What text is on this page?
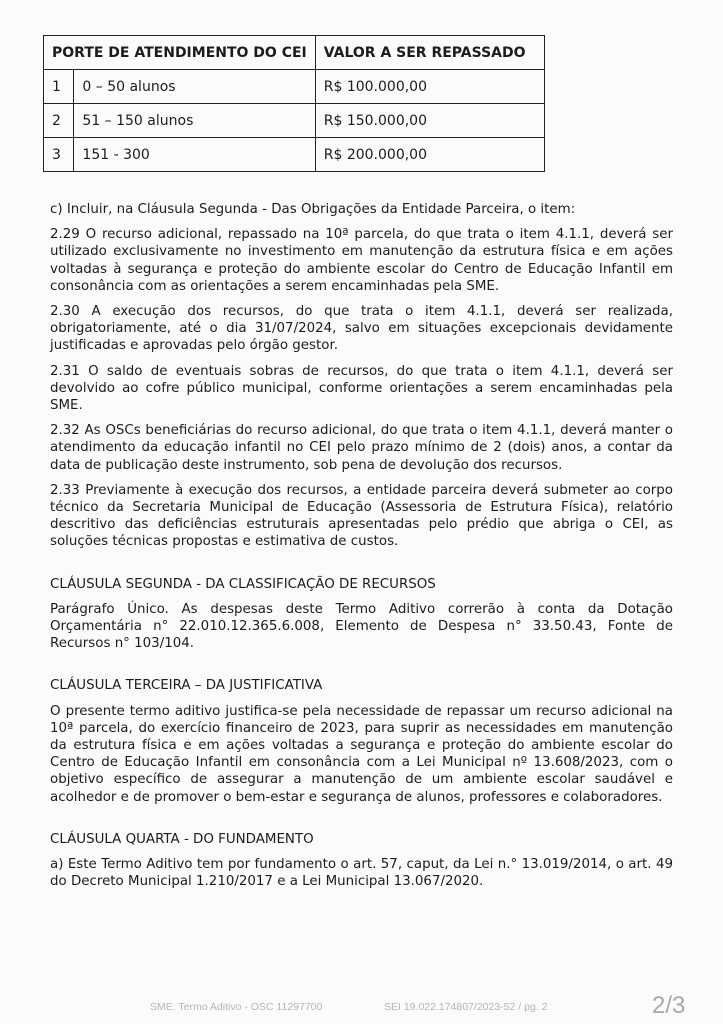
PORTE DE ATENDIMENTO DO CEI		VALOR A SER REPASSADO
1	0 – 50 alunos	R$ 100.000,00
2	51 – 150 alunos	R$ 150.000,00
3	151 - 300	R$ 200.000,00

c) Incluir, na Cláusula Segunda - Das Obrigações da Entidade Parceira, o item:

2.29 O recurso adicional, repassado na 10ª parcela, do que trata o item 4.1.1, deverá ser utilizado exclusivamente no investimento em manutenção da estrutura física e em ações voltadas à segurança e proteção do ambiente escolar do Centro de Educação Infantil em consonância com as orientações a serem encaminhadas pela SME.

2.30 A execução dos recursos, do que trata o item 4.1.1, deverá ser realizada, obrigatoriamente, até o dia 31/07/2024, salvo em situações excepcionais devidamente justificadas e aprovadas pelo órgão gestor.

2.31 O saldo de eventuais sobras de recursos, do que trata o item 4.1.1, deverá ser devolvido ao cofre público municipal, conforme orientações a serem encaminhadas pela SME.

2.32 As OSCs beneficiárias do recurso adicional, do que trata o item 4.1.1, deverá manter o atendimento da educação infantil no CEI pelo prazo mínimo de 2 (dois) anos, a contar da data de publicação deste instrumento, sob pena de devolução dos recursos.

2.33 Previamente à execução dos recursos, a entidade parceira deverá submeter ao corpo técnico da Secretaria Municipal de Educação (Assessoria de Estrutura Física), relatório descritivo das deficiências estruturais apresentadas pelo prédio que abriga o CEI, as soluções técnicas propostas e estimativa de custos.

CLÁUSULA SEGUNDA - DA CLASSIFICAÇÃO DE RECURSOS

Parágrafo Único. As despesas deste Termo Aditivo correrão à conta da Dotação Orçamentária n° 22.010.12.365.6.008, Elemento de Despesa n° 33.50.43, Fonte de Recursos n° 103/104.

CLÁUSULA TERCEIRA – DA JUSTIFICATIVA

O presente termo aditivo justifica-se pela necessidade de repassar um recurso adicional na 10ª parcela, do exercício financeiro de 2023, para suprir as necessidades em manutenção da estrutura física e em ações voltadas a segurança e proteção do ambiente escolar do Centro de Educação Infantil em consonância com a Lei Municipal nº 13.608/2023, com o objetivo específico de assegurar a manutenção de um ambiente escolar saudável e acolhedor e de promover o bem-estar e segurança de alunos, professores e colaboradores.

CLÁUSULA QUARTA - DO FUNDAMENTO

a) Este Termo Aditivo tem por fundamento o art. 57, caput, da Lei n.° 13.019/2014, o art. 49 do Decreto Municipal 1.210/2017 e a Lei Municipal 13.067/2020.

SME: Termo Aditivo - OSC 11297700	SEI 19.022.174807/2023-52 / pg. 2	2/3
